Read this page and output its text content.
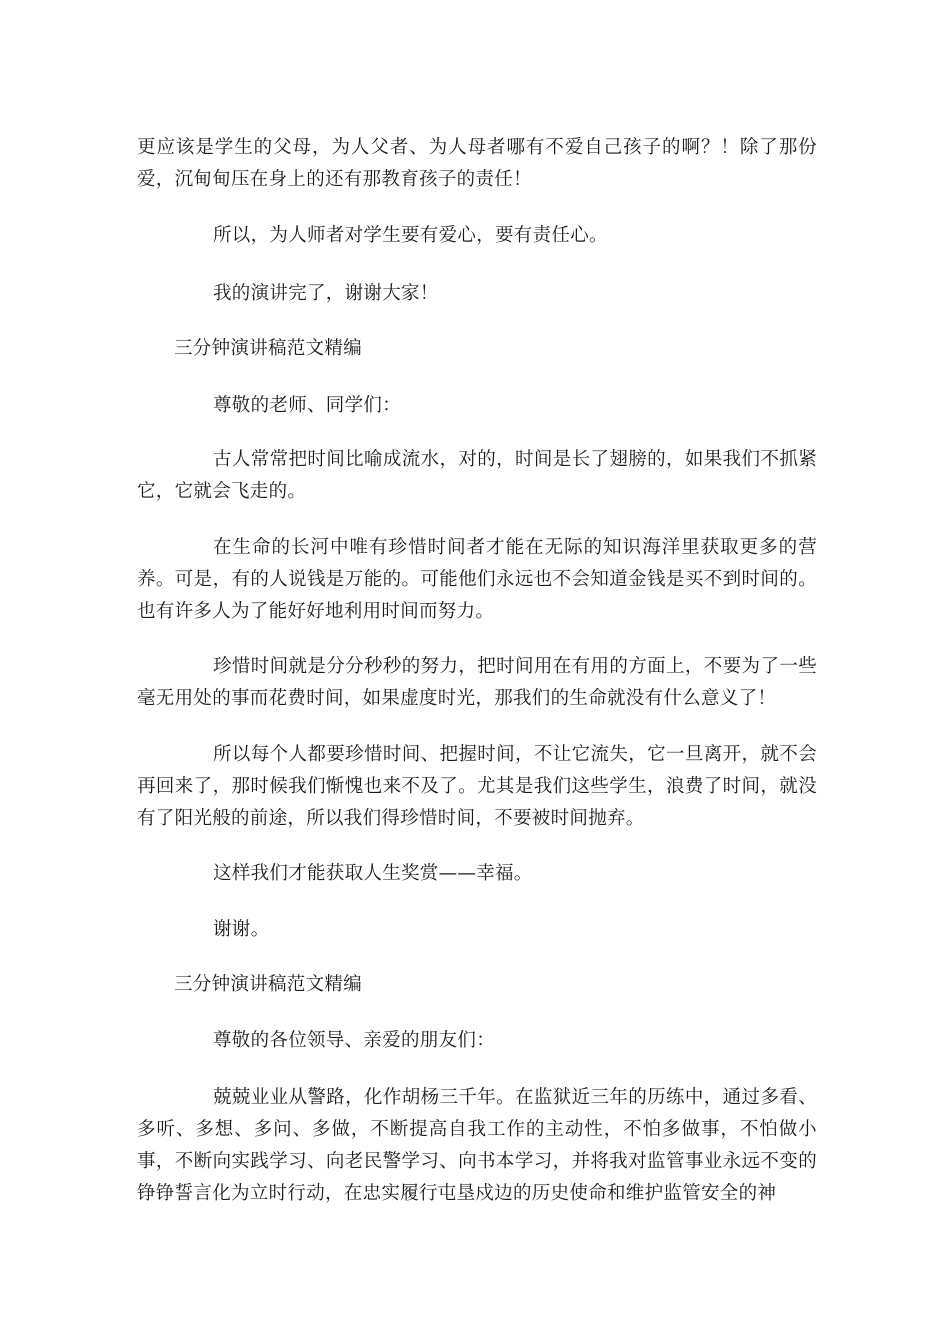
更应该是学生的父母，为人父者、为人母者哪有不爱自己孩子的啊？！除了那份爱，沉甸甸压在身上的还有那教育孩子的责任！

所以，为人师者对学生要有爱心，要有责任心。

我的演讲完了，谢谢大家！

三分钟演讲稿范文精编

尊敬的老师、同学们：

古人常常把时间比喻成流水，对的，时间是长了翅膀的，如果我们不抓紧它，它就会飞走的。

在生命的长河中唯有珍惜时间者才能在无际的知识海洋里获取更多的营养。可是，有的人说钱是万能的。可能他们永远也不会知道金钱是买不到时间的。也有许多人为了能好好地利用时间而努力。

珍惜时间就是分分秒秒的努力，把时间用在有用的方面上，不要为了一些毫无用处的事而花费时间，如果虚度时光，那我们的生命就没有什么意义了！

所以每个人都要珍惜时间、把握时间，不让它流失，它一旦离开，就不会再回来了，那时候我们惭愧也来不及了。尤其是我们这些学生，浪费了时间，就没有了阳光般的前途，所以我们得珍惜时间，不要被时间抛弃。

这样我们才能获取人生奖赏——幸福。

谢谢。

三分钟演讲稿范文精编

尊敬的各位领导、亲爱的朋友们：

兢兢业业从警路，化作胡杨三千年。在监狱近三年的历练中，通过多看、多听、多想、多问、多做，不断提高自我工作的主动性，不怕多做事，不怕做小事，不断向实践学习、向老民警学习、向书本学习，并将我对监管事业永远不变的铮铮誓言化为立时行动，在忠实履行屯垦戍边的历史使命和维护监管安全的神
